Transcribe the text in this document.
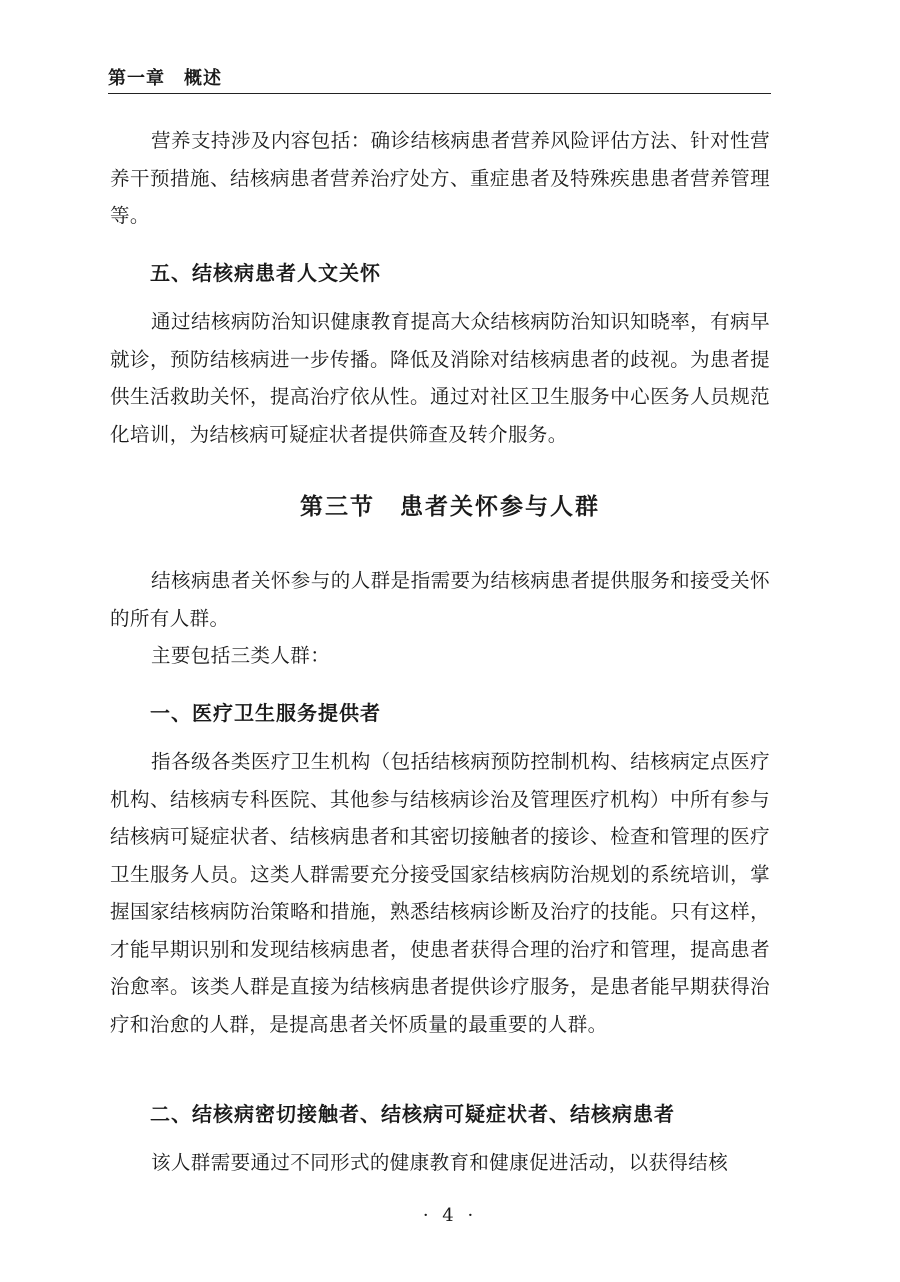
第一章　概述

营养支持涉及内容包括：确诊结核病患者营养风险评估方法、针对性营养干预措施、结核病患者营养治疗处方、重症患者及特殊疾患患者营养管理等。

五、结核病患者人文关怀

通过结核病防治知识健康教育提高大众结核病防治知识知晓率，有病早就诊，预防结核病进一步传播。降低及消除对结核病患者的歧视。为患者提供生活救助关怀，提高治疗依从性。通过对社区卫生服务中心医务人员规范化培训，为结核病可疑症状者提供筛查及转介服务。

第三节　患者关怀参与人群

结核病患者关怀参与的人群是指需要为结核病患者提供服务和接受关怀的所有人群。

主要包括三类人群：

一、医疗卫生服务提供者

指各级各类医疗卫生机构（包括结核病预防控制机构、结核病定点医疗机构、结核病专科医院、其他参与结核病诊治及管理医疗机构）中所有参与结核病可疑症状者、结核病患者和其密切接触者的接诊、检查和管理的医疗卫生服务人员。这类人群需要充分接受国家结核病防治规划的系统培训，掌握国家结核病防治策略和措施，熟悉结核病诊断及治疗的技能。只有这样，才能早期识别和发现结核病患者，使患者获得合理的治疗和管理，提高患者治愈率。该类人群是直接为结核病患者提供诊疗服务，是患者能早期获得治疗和治愈的人群，是提高患者关怀质量的最重要的人群。

二、结核病密切接触者、结核病可疑症状者、结核病患者

该人群需要通过不同形式的健康教育和健康促进活动，以获得结核

· 4 ·
